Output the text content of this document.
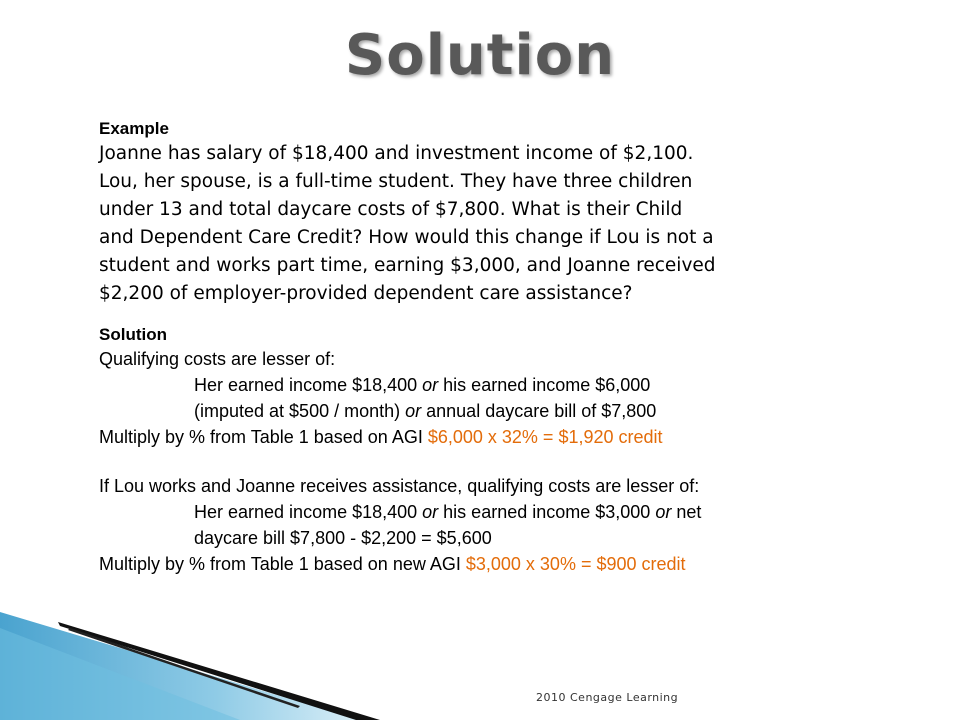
Solution
Example
Joanne has salary of $18,400 and investment income of $2,100.
Lou, her spouse, is a full-time student. They have three children
under 13 and total daycare costs of $7,800. What is their Child
and Dependent Care Credit? How would this change if Lou is not a
student and works part time, earning $3,000, and Joanne received
$2,200 of employer-provided dependent care assistance?
Solution
Qualifying costs are lesser of:
Her earned income $18,400 or his earned income $6,000
(imputed at $500 / month) or annual daycare bill of $7,800
Multiply by % from Table 1 based on AGI $6,000 x 32% = $1,920 credit
If Lou works and Joanne receives assistance, qualifying costs are lesser of:
Her earned income $18,400 or his earned income $3,000 or net
daycare bill $7,800 - $2,200 = $5,600
Multiply by % from Table 1 based on new AGI $3,000 x 30% = $900 credit
2010 Cengage Learning
